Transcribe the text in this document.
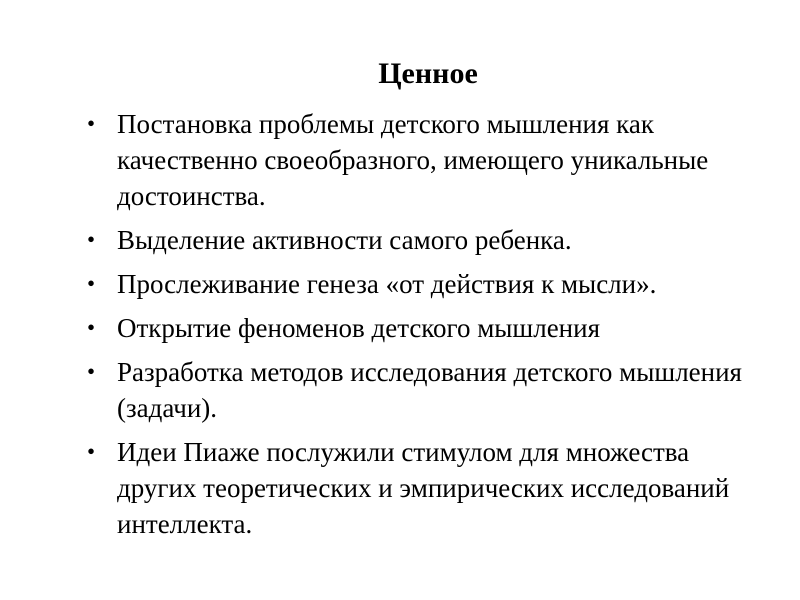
Ценное
• Постановка проблемы детского мышления как качественно своеобразного, имеющего уникальные достоинства.
• Выделение активности самого ребенка.
• Прослеживание генеза «от действия к мысли».
• Открытие феноменов детского мышления
• Разработка методов исследования детского мышления (задачи).
• Идеи Пиаже послужили стимулом для множества других теоретических и эмпирических исследований интеллекта.
